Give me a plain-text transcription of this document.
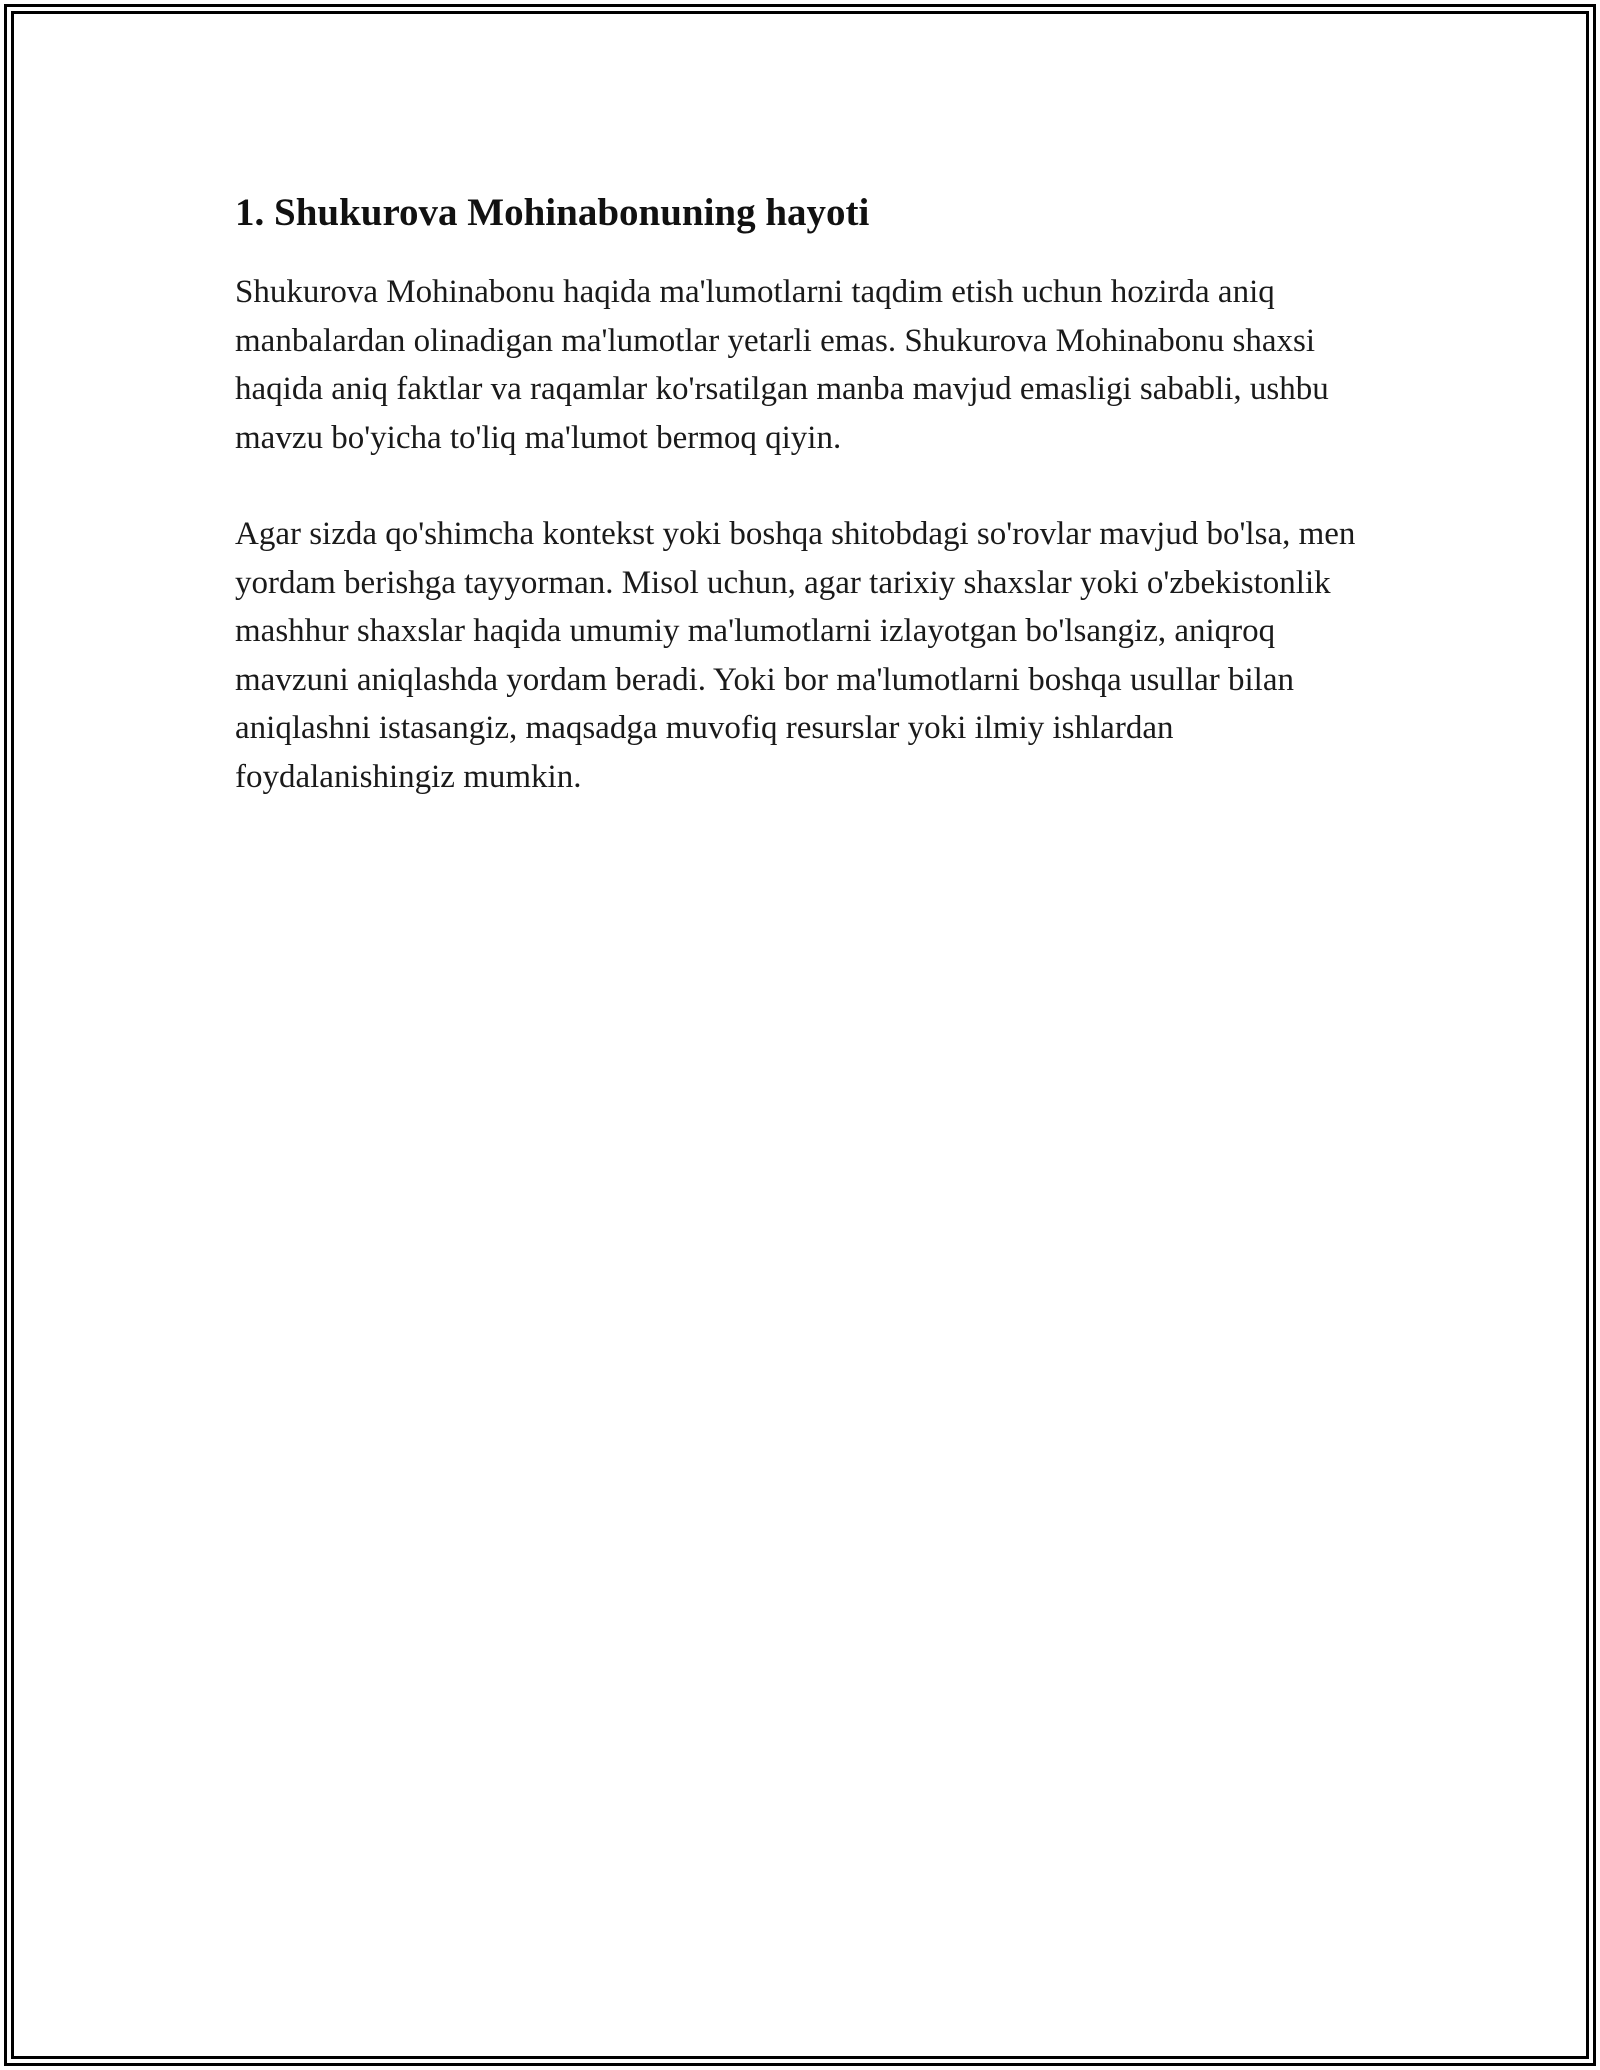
1. Shukurova Mohinabonuning hayoti

Shukurova Mohinabonu haqida ma'lumotlarni taqdim etish uchun hozirda aniq manbalardan olinadigan ma'lumotlar yetarli emas. Shukurova Mohinabonu shaxsi haqida aniq faktlar va raqamlar ko'rsatilgan manba mavjud emasligi sababli, ushbu mavzu bo'yicha to'liq ma'lumot bermoq qiyin.

Agar sizda qo'shimcha kontekst yoki boshqa shitobdagi so'rovlar mavjud bo'lsa, men yordam berishga tayyorman. Misol uchun, agar tarixiy shaxslar yoki o'zbekistonlik mashhur shaxslar haqida umumiy ma'lumotlarni izlayotgan bo'lsangiz, aniqroq mavzuni aniqlashda yordam beradi. Yoki bor ma'lumotlarni boshqa usullar bilan aniqlashni istasangiz, maqsadga muvofiq resurslar yoki ilmiy ishlardan foydalanishingiz mumkin.
